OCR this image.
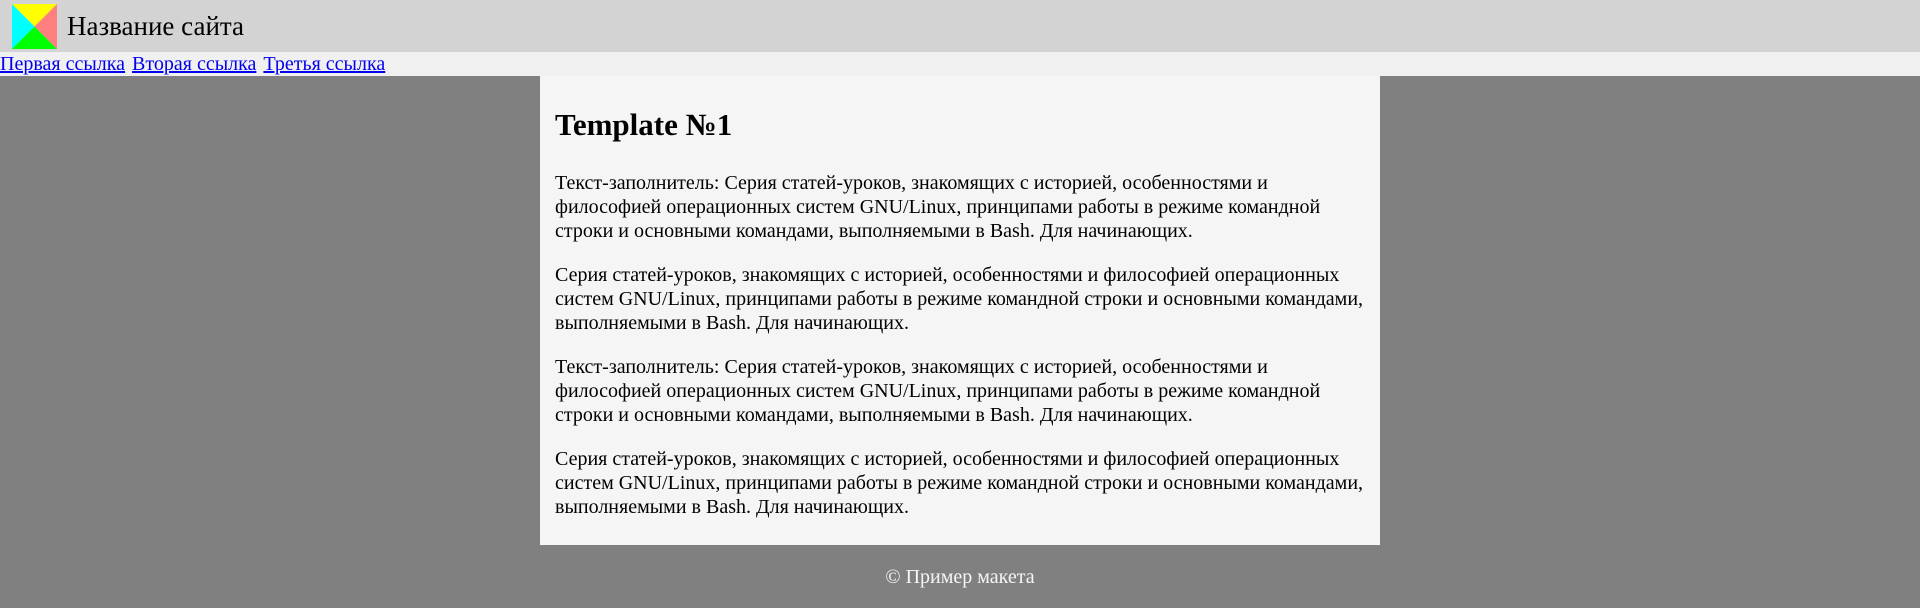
Название сайта
Первая ссылка Вторая ссылка Третья ссылка
Template №1

Текст-заполнитель: Серия статей-уроков, знакомящих с историей, особенностями и философией операционных систем GNU/Linux, принципами работы в режиме командной строки и основными командами, выполняемыми в Bash. Для начинающих.

Серия статей-уроков, знакомящих с историей, особенностями и философией операционных систем GNU/Linux, принципами работы в режиме командной строки и основными командами, выполняемыми в Bash. Для начинающих.

Текст-заполнитель: Серия статей-уроков, знакомящих с историей, особенностями и философией операционных систем GNU/Linux, принципами работы в режиме командной строки и основными командами, выполняемыми в Bash. Для начинающих.

Серия статей-уроков, знакомящих с историей, особенностями и философией операционных систем GNU/Linux, принципами работы в режиме командной строки и основными командами, выполняемыми в Bash. Для начинающих.

© Пример макета
